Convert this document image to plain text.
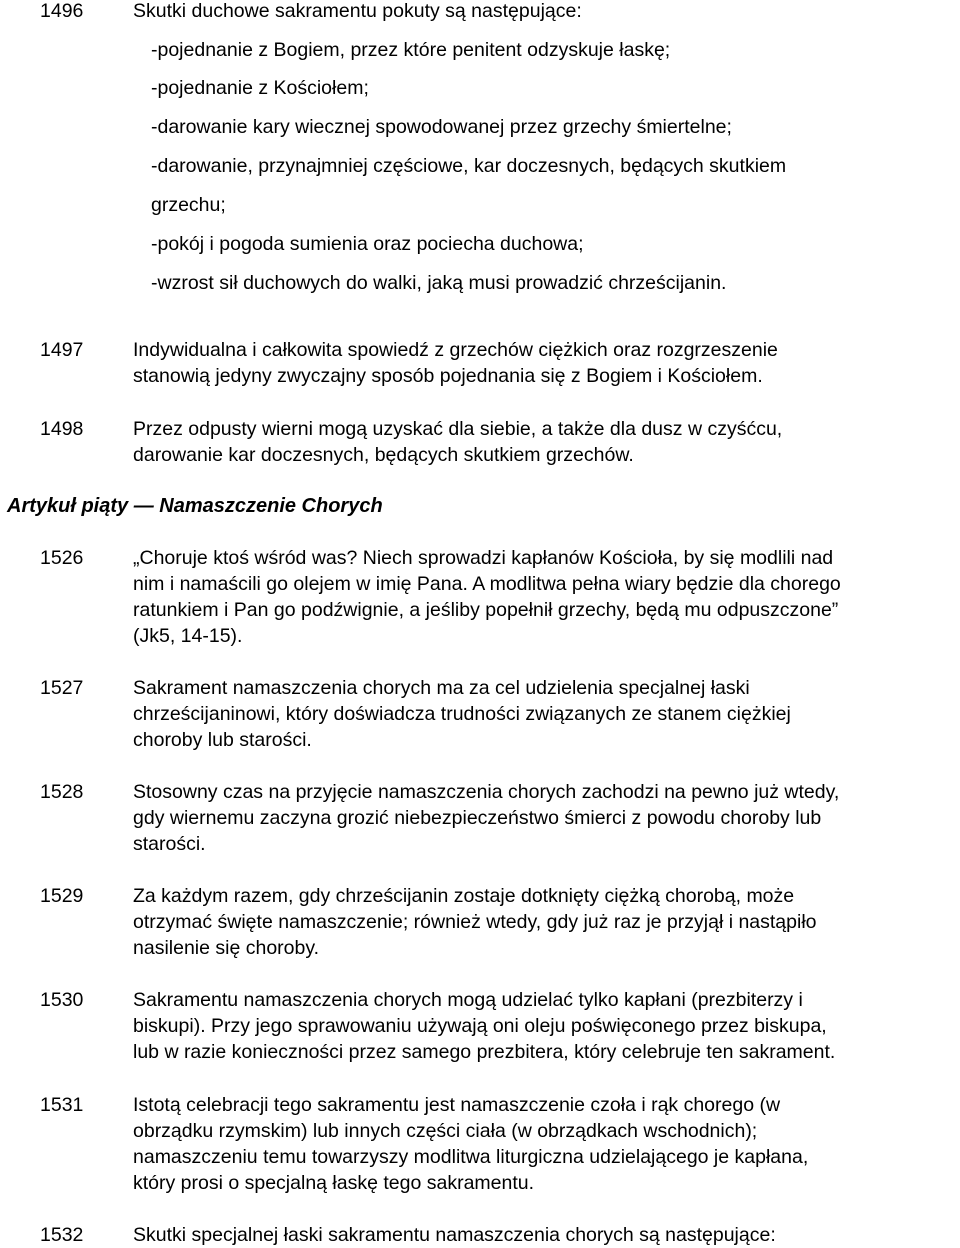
1496	Skutki duchowe sakramentu pokuty są następujące:
-pojednanie z Bogiem, przez które penitent odzyskuje łaskę;
-pojednanie z Kościołem;
-darowanie kary wiecznej spowodowanej przez grzechy śmiertelne;
-darowanie, przynajmniej częściowe, kar doczesnych, będących skutkiem
grzechu;
-pokój i pogoda sumienia oraz pociecha duchowa;
-wzrost sił duchowych do walki, jaką musi prowadzić chrześcijanin.
1497	Indywidualna i całkowita spowiedź z grzechów ciężkich oraz rozgrzeszenie
stanowią jedyny zwyczajny sposób pojednania się z Bogiem i Kościołem.
1498	Przez odpusty wierni mogą uzyskać dla siebie, a także dla dusz w czyśćcu,
darowanie kar doczesnych, będących skutkiem grzechów.
Artykuł piąty — Namaszczenie Chorych
1526	„Choruje ktoś wśród was? Niech sprowadzi kapłanów Kościoła, by się modlili nad
nim i namaścili go olejem w imię Pana. A modlitwa pełna wiary będzie dla chorego
ratunkiem i Pan go podźwignie, a jeśliby popełnił grzechy, będą mu odpuszczone”
(Jk5, 14-15).
1527	Sakrament namaszczenia chorych ma za cel udzielenia specjalnej łaski
chrześcijaninowi, który doświadcza trudności związanych ze stanem ciężkiej
choroby lub starości.
1528	Stosowny czas na przyjęcie namaszczenia chorych zachodzi na pewno już wtedy,
gdy wiernemu zaczyna grozić niebezpieczeństwo śmierci z powodu choroby lub
starości.
1529	Za każdym razem, gdy chrześcijanin zostaje dotknięty ciężką chorobą, może
otrzymać święte namaszczenie; również wtedy, gdy już raz je przyjął i nastąpiło
nasilenie się choroby.
1530	Sakramentu namaszczenia chorych mogą udzielać tylko kapłani (prezbiterzy i
biskupi). Przy jego sprawowaniu używają oni oleju poświęconego przez biskupa,
lub w razie konieczności przez samego prezbitera, który celebruje ten sakrament.
1531	Istotą celebracji tego sakramentu jest namaszczenie czoła i rąk chorego (w
obrządku rzymskim) lub innych części ciała (w obrządkach wschodnich);
namaszczeniu temu towarzyszy modlitwa liturgiczna udzielającego je kapłana,
który prosi o specjalną łaskę tego sakramentu.
1532	Skutki specjalnej łaski sakramentu namaszczenia chorych są następujące:
